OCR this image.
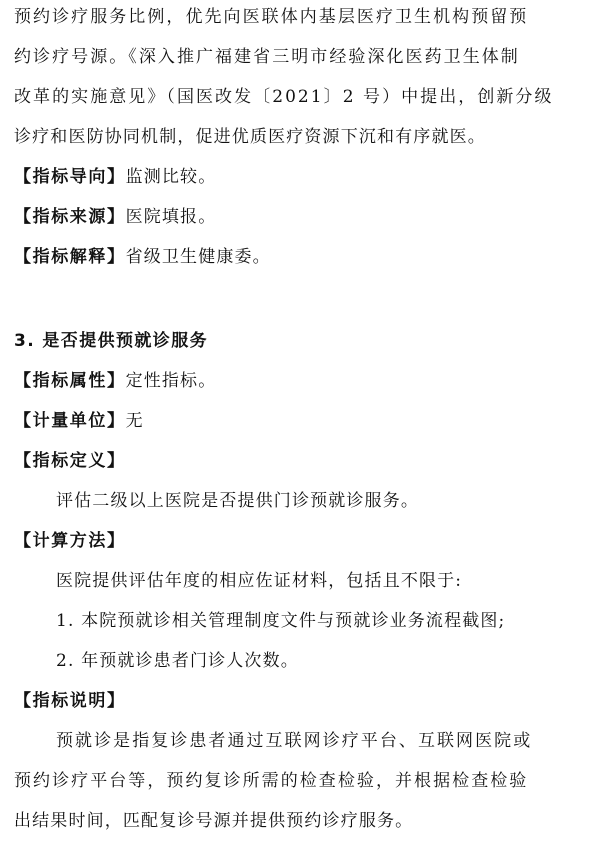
预约诊疗服务比例，优先向医联体内基层医疗卫生机构预留预
约诊疗号源。《深入推广福建省三明市经验深化医药卫生体制
改革的实施意见》（国医改发〔2021〕2 号）中提出，创新分级
诊疗和医防协同机制，促进优质医疗资源下沉和有序就医。
【指标导向】监测比较。
【指标来源】医院填报。
【指标解释】省级卫生健康委。
3. 是否提供预就诊服务
【指标属性】定性指标。
【计量单位】无
【指标定义】
评估二级以上医院是否提供门诊预就诊服务。
【计算方法】
医院提供评估年度的相应佐证材料，包括且不限于:
1. 本院预就诊相关管理制度文件与预就诊业务流程截图;
2. 年预就诊患者门诊人次数。
【指标说明】
预就诊是指复诊患者通过互联网诊疗平台、互联网医院或
预约诊疗平台等，预约复诊所需的检查检验，并根据检查检验
出结果时间，匹配复诊号源并提供预约诊疗服务。
